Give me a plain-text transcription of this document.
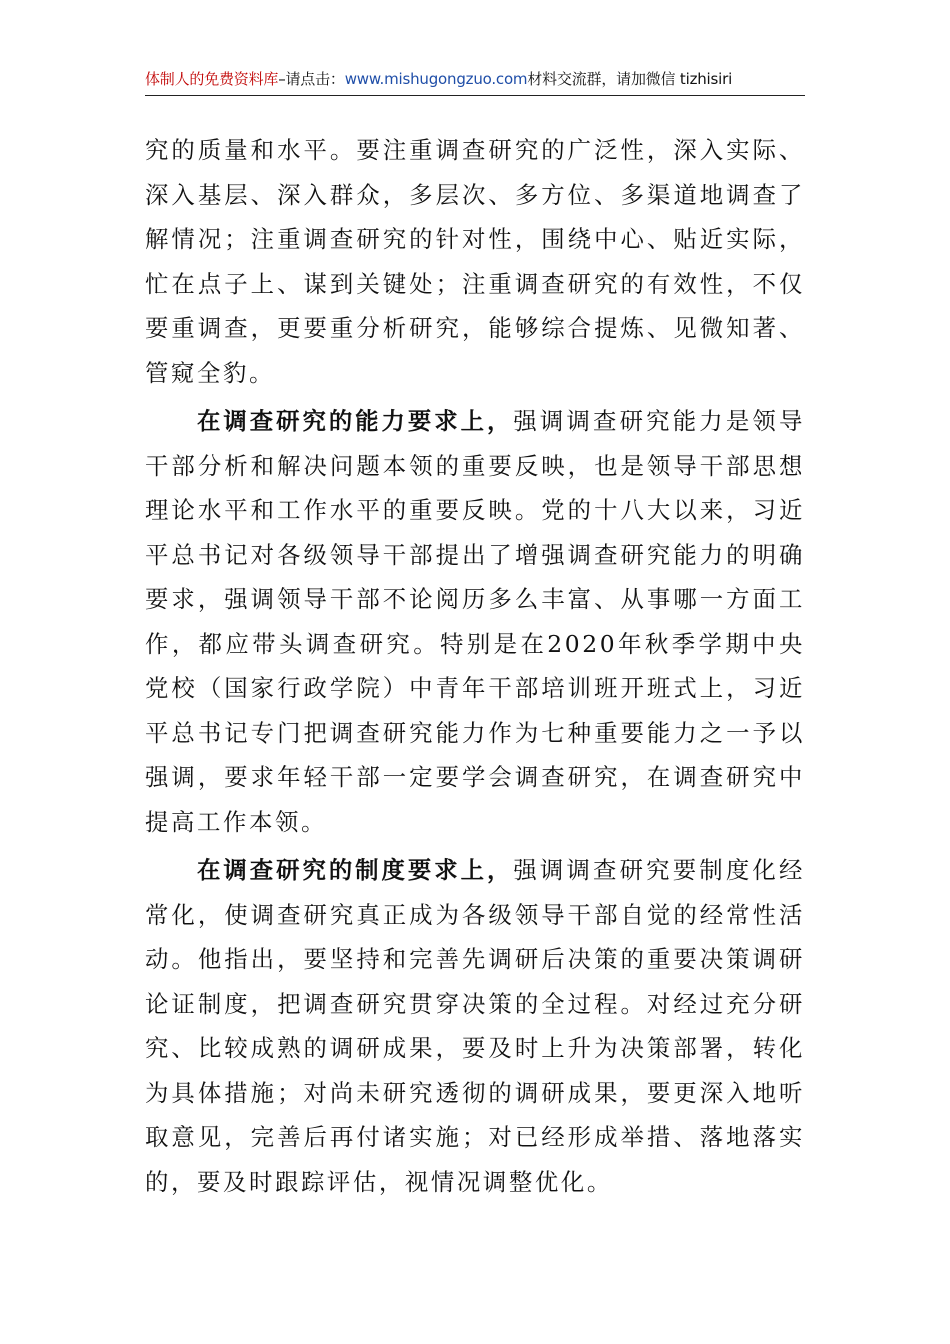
体制人的免费资料库–请点击：www.mishugongzuo.com材料交流群，请加微信 tizhisiri

究的质量和水平。要注重调查研究的广泛性，深入实际、深入基层、深入群众，多层次、多方位、多渠道地调查了解情况；注重调查研究的针对性，围绕中心、贴近实际，忙在点子上、谋到关键处；注重调查研究的有效性，不仅要重调查，更要重分析研究，能够综合提炼、见微知著、管窥全豹。

在调查研究的能力要求上，强调调查研究能力是领导干部分析和解决问题本领的重要反映，也是领导干部思想理论水平和工作水平的重要反映。党的十八大以来，习近平总书记对各级领导干部提出了增强调查研究能力的明确要求，强调领导干部不论阅历多么丰富、从事哪一方面工作，都应带头调查研究。特别是在2020年秋季学期中央党校（国家行政学院）中青年干部培训班开班式上，习近平总书记专门把调查研究能力作为七种重要能力之一予以强调，要求年轻干部一定要学会调查研究，在调查研究中提高工作本领。

在调查研究的制度要求上，强调调查研究要制度化经常化，使调查研究真正成为各级领导干部自觉的经常性活动。他指出，要坚持和完善先调研后决策的重要决策调研论证制度，把调查研究贯穿决策的全过程。对经过充分研究、比较成熟的调研成果，要及时上升为决策部署，转化为具体措施；对尚未研究透彻的调研成果，要更深入地听取意见，完善后再付诸实施；对已经形成举措、落地落实的，要及时跟踪评估，视情况调整优化。
